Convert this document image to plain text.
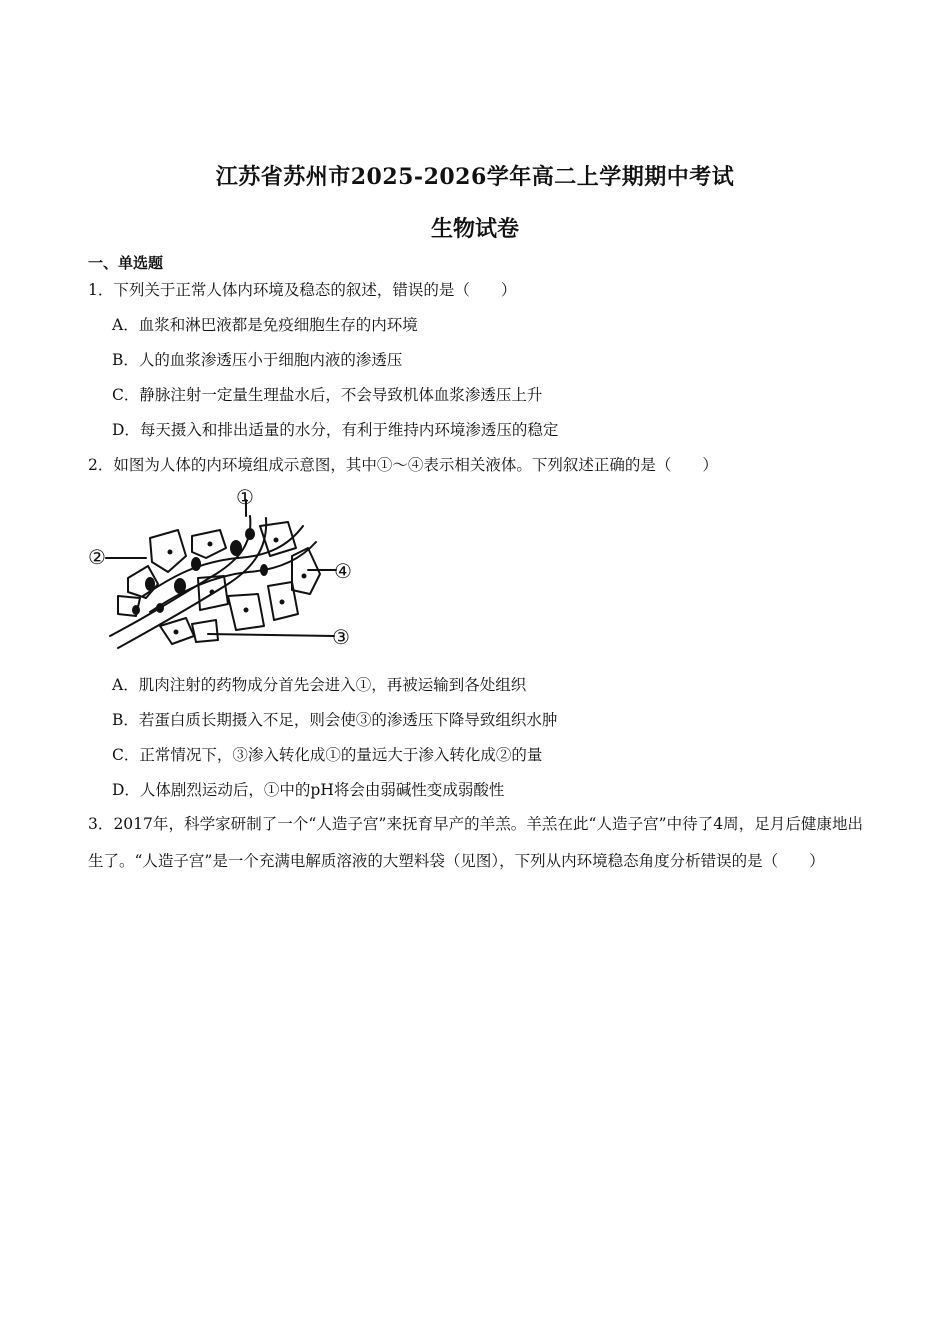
江苏省苏州市2025-2026学年高二上学期期中考试
生物试卷
一、单选题
1．下列关于正常人体内环境及稳态的叙述，错误的是（　　）
A．血浆和淋巴液都是免疫细胞生存的内环境
B．人的血浆渗透压小于细胞内液的渗透压
C．静脉注射一定量生理盐水后，不会导致机体血浆渗透压上升
D．每天摄入和排出适量的水分，有利于维持内环境渗透压的稳定
2．如图为人体的内环境组成示意图，其中①～④表示相关液体。下列叙述正确的是（　　）
①
②
③
④
A．肌肉注射的药物成分首先会进入①，再被运输到各处组织
B．若蛋白质长期摄入不足，则会使③的渗透压下降导致组织水肿
C．正常情况下，③渗入转化成①的量远大于渗入转化成②的量
D．人体剧烈运动后，①中的pH将会由弱碱性变成弱酸性
3．2017年，科学家研制了一个“人造子宫”来抚育早产的羊羔。羊羔在此“人造子宫”中待了4周，足月后健康地出生了。“人造子宫”是一个充满电解质溶液的大塑料袋（见图），下列从内环境稳态角度分析错误的是（　　）
